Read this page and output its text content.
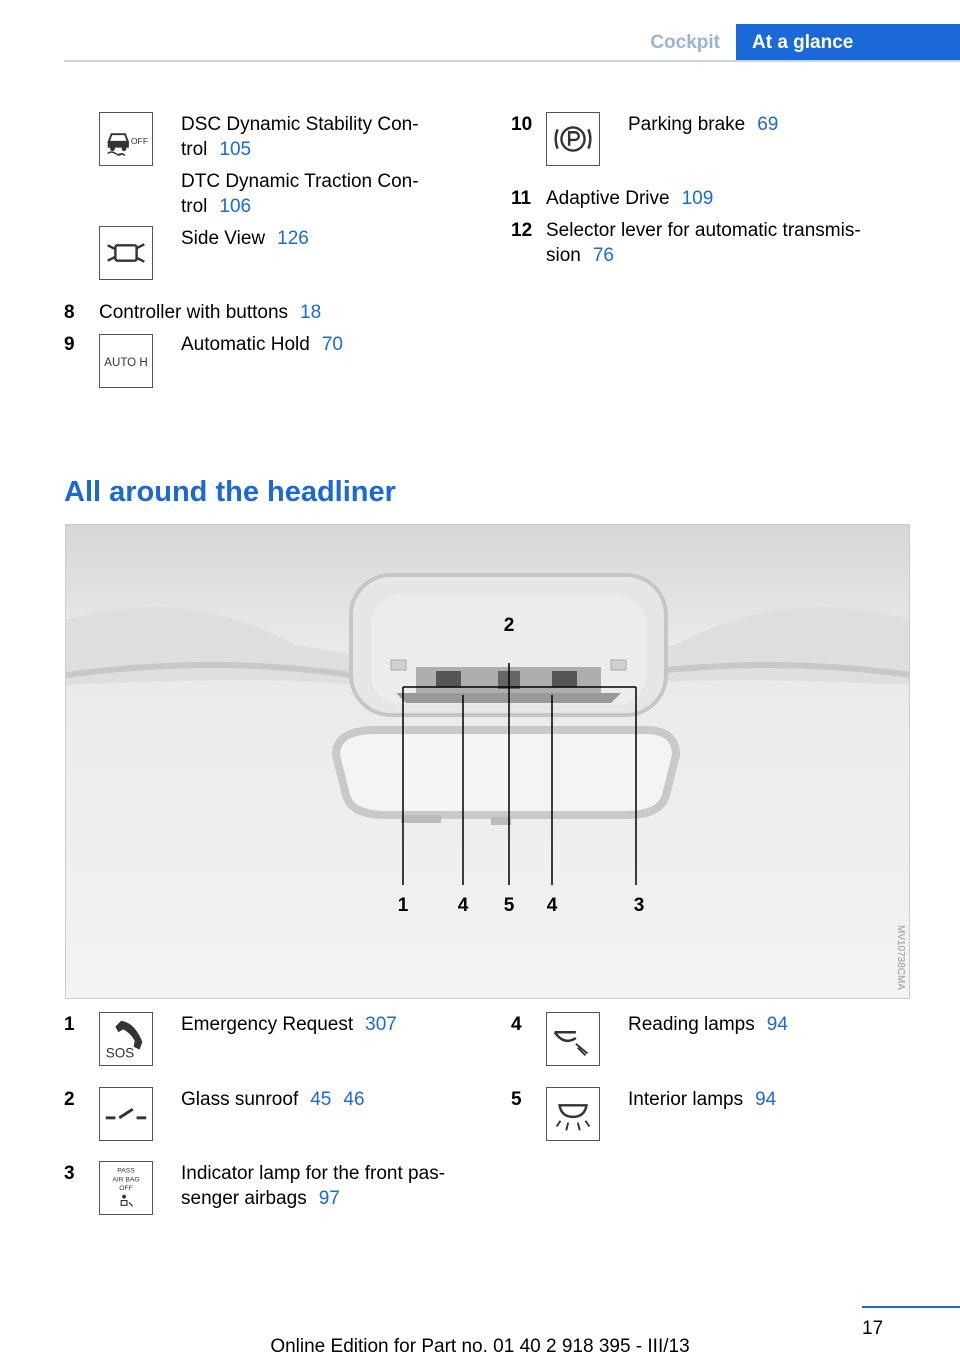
Cockpit	At a glance
OFF
DSC Dynamic Stability Con-
trol 105
DTC Dynamic Traction Con-
trol 106
Side View 126
8 Controller with buttons 18
9
AUTO H
Automatic Hold 70
10	Parking brake 69
11 Adaptive Drive 109
12 Selector lever for automatic transmis-
sion 76
All around the headliner
2
1	4 5 4	3
MV10738CMA
1
SOS
Emergency Request 307
2	Glass sunroof 45 46
3	PASS
AIR BAG
OFF
Indicator lamp for the front pas-
senger airbags 97
4	Reading lamps 94
5	Interior lamps 94
17
Online Edition for Part no. 01 40 2 918 395 - III/13
